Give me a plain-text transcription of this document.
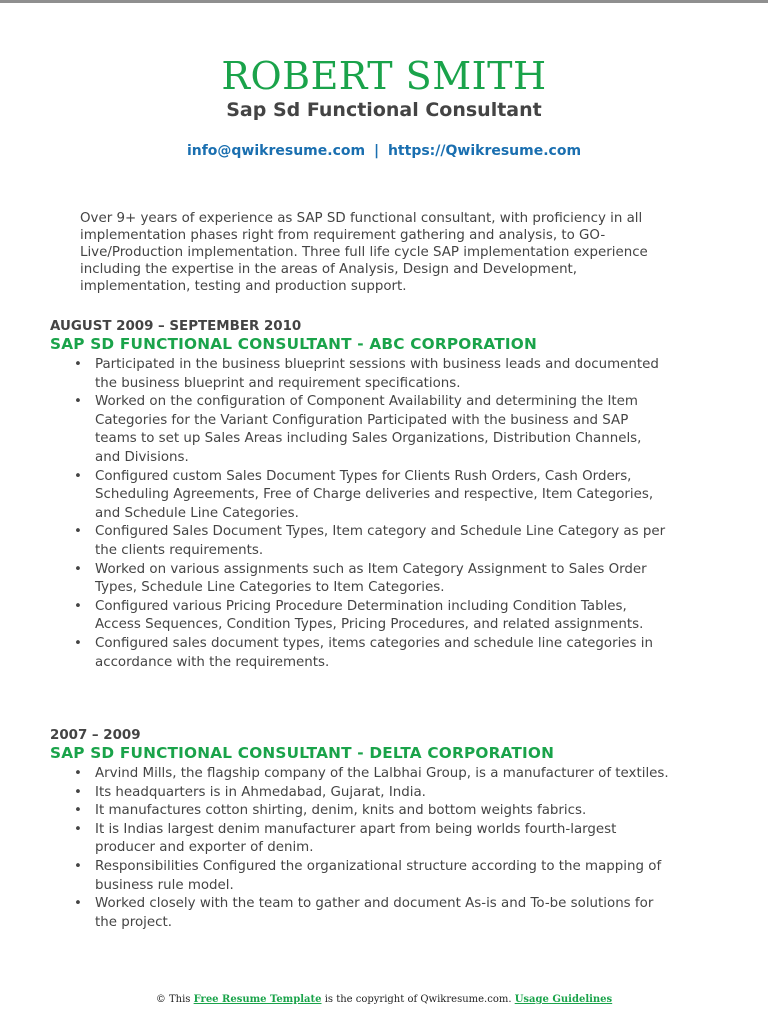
ROBERT SMITH
Sap Sd Functional Consultant
info@qwikresume.com | https://Qwikresume.com
Over 9+ years of experience as SAP SD functional consultant, with proficiency in all implementation phases right from requirement gathering and analysis, to GO-Live/Production implementation. Three full life cycle SAP implementation experience including the expertise in the areas of Analysis, Design and Development, implementation, testing and production support.
AUGUST 2009 – SEPTEMBER 2010
SAP SD FUNCTIONAL CONSULTANT - ABC CORPORATION
• Participated in the business blueprint sessions with business leads and documented the business blueprint and requirement specifications.
• Worked on the configuration of Component Availability and determining the Item Categories for the Variant Configuration Participated with the business and SAP teams to set up Sales Areas including Sales Organizations, Distribution Channels, and Divisions.
• Configured custom Sales Document Types for Clients Rush Orders, Cash Orders, Scheduling Agreements, Free of Charge deliveries and respective, Item Categories, and Schedule Line Categories.
• Configured Sales Document Types, Item category and Schedule Line Category as per the clients requirements.
• Worked on various assignments such as Item Category Assignment to Sales Order Types, Schedule Line Categories to Item Categories.
• Configured various Pricing Procedure Determination including Condition Tables, Access Sequences, Condition Types, Pricing Procedures, and related assignments.
• Configured sales document types, items categories and schedule line categories in accordance with the requirements.
2007 – 2009
SAP SD FUNCTIONAL CONSULTANT - DELTA CORPORATION
• Arvind Mills, the flagship company of the Lalbhai Group, is a manufacturer of textiles.
• Its headquarters is in Ahmedabad, Gujarat, India.
• It manufactures cotton shirting, denim, knits and bottom weights fabrics.
• It is Indias largest denim manufacturer apart from being worlds fourth-largest producer and exporter of denim.
• Responsibilities Configured the organizational structure according to the mapping of business rule model.
• Worked closely with the team to gather and document As-is and To-be solutions for the project.
© This Free Resume Template is the copyright of Qwikresume.com. Usage Guidelines
